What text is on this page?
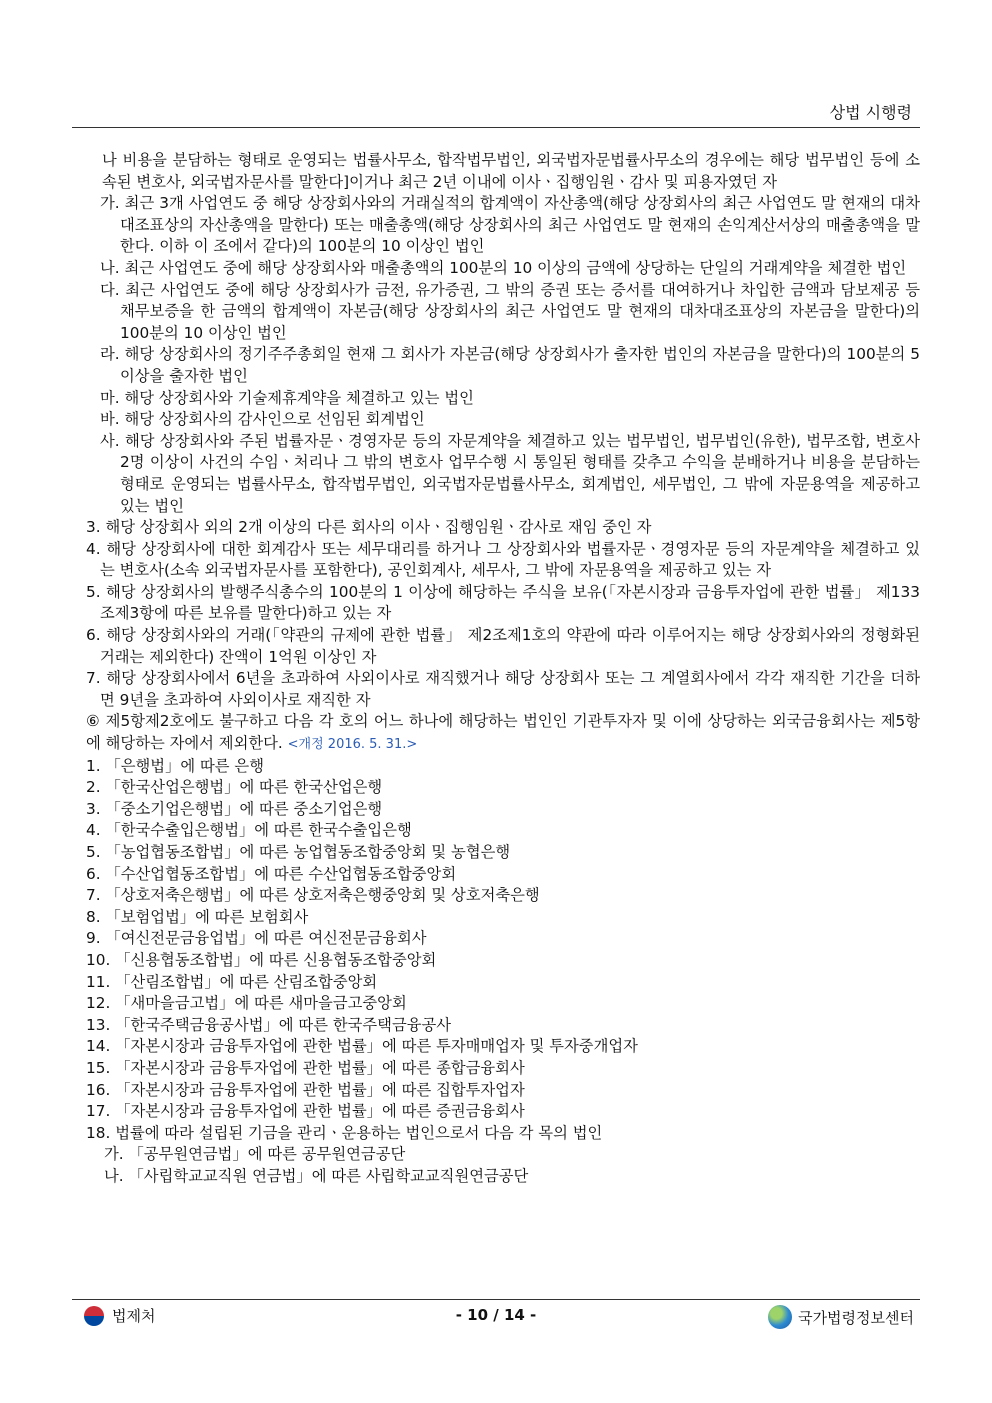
상법 시행령

나 비용을 분담하는 형태로 운영되는 법률사무소, 합작법무법인, 외국법자문법률사무소의 경우에는 해당 법무법인 등에 소속된 변호사, 외국법자문사를 말한다]이거나 최근 2년 이내에 이사ㆍ집행임원ㆍ감사 및 피용자였던 자

가. 최근 3개 사업연도 중 해당 상장회사와의 거래실적의 합계액이 자산총액(해당 상장회사의 최근 사업연도 말 현재의 대차대조표상의 자산총액을 말한다) 또는 매출총액(해당 상장회사의 최근 사업연도 말 현재의 손익계산서상의 매출총액을 말한다. 이하 이 조에서 같다)의 100분의 10 이상인 법인

나. 최근 사업연도 중에 해당 상장회사와 매출총액의 100분의 10 이상의 금액에 상당하는 단일의 거래계약을 체결한 법인

다. 최근 사업연도 중에 해당 상장회사가 금전, 유가증권, 그 밖의 증권 또는 증서를 대여하거나 차입한 금액과 담보제공 등 채무보증을 한 금액의 합계액이 자본금(해당 상장회사의 최근 사업연도 말 현재의 대차대조표상의 자본금을 말한다)의 100분의 10 이상인 법인

라. 해당 상장회사의 정기주주총회일 현재 그 회사가 자본금(해당 상장회사가 출자한 법인의 자본금을 말한다)의 100분의 5 이상을 출자한 법인

마. 해당 상장회사와 기술제휴계약을 체결하고 있는 법인

바. 해당 상장회사의 감사인으로 선임된 회계법인

사. 해당 상장회사와 주된 법률자문ㆍ경영자문 등의 자문계약을 체결하고 있는 법무법인, 법무법인(유한), 법무조합, 변호사 2명 이상이 사건의 수임ㆍ처리나 그 밖의 변호사 업무수행 시 통일된 형태를 갖추고 수익을 분배하거나 비용을 분담하는 형태로 운영되는 법률사무소, 합작법무법인, 외국법자문법률사무소, 회계법인, 세무법인, 그 밖에 자문용역을 제공하고 있는 법인

3. 해당 상장회사 외의 2개 이상의 다른 회사의 이사ㆍ집행임원ㆍ감사로 재임 중인 자

4. 해당 상장회사에 대한 회계감사 또는 세무대리를 하거나 그 상장회사와 법률자문ㆍ경영자문 등의 자문계약을 체결하고 있는 변호사(소속 외국법자문사를 포함한다), 공인회계사, 세무사, 그 밖에 자문용역을 제공하고 있는 자

5. 해당 상장회사의 발행주식총수의 100분의 1 이상에 해당하는 주식을 보유(「자본시장과 금융투자업에 관한 법률」 제133조제3항에 따른 보유를 말한다)하고 있는 자

6. 해당 상장회사와의 거래(「약관의 규제에 관한 법률」 제2조제1호의 약관에 따라 이루어지는 해당 상장회사와의 정형화된 거래는 제외한다) 잔액이 1억원 이상인 자

7. 해당 상장회사에서 6년을 초과하여 사외이사로 재직했거나 해당 상장회사 또는 그 계열회사에서 각각 재직한 기간을 더하면 9년을 초과하여 사외이사로 재직한 자

⑥ 제5항제2호에도 불구하고 다음 각 호의 어느 하나에 해당하는 법인인 기관투자자 및 이에 상당하는 외국금융회사는 제5항에 해당하는 자에서 제외한다. <개정 2016. 5. 31.>

1. 「은행법」에 따른 은행

2. 「한국산업은행법」에 따른 한국산업은행

3. 「중소기업은행법」에 따른 중소기업은행

4. 「한국수출입은행법」에 따른 한국수출입은행

5. 「농업협동조합법」에 따른 농업협동조합중앙회 및 농협은행

6. 「수산업협동조합법」에 따른 수산업협동조합중앙회

7. 「상호저축은행법」에 따른 상호저축은행중앙회 및 상호저축은행

8. 「보험업법」에 따른 보험회사

9. 「여신전문금융업법」에 따른 여신전문금융회사

10. 「신용협동조합법」에 따른 신용협동조합중앙회

11. 「산림조합법」에 따른 산림조합중앙회

12. 「새마을금고법」에 따른 새마을금고중앙회

13. 「한국주택금융공사법」에 따른 한국주택금융공사

14. 「자본시장과 금융투자업에 관한 법률」에 따른 투자매매업자 및 투자중개업자

15. 「자본시장과 금융투자업에 관한 법률」에 따른 종합금융회사

16. 「자본시장과 금융투자업에 관한 법률」에 따른 집합투자업자

17. 「자본시장과 금융투자업에 관한 법률」에 따른 증권금융회사

18. 법률에 따라 설립된 기금을 관리ㆍ운용하는 법인으로서 다음 각 목의 법인

가. 「공무원연금법」에 따른 공무원연금공단

나. 「사립학교교직원 연금법」에 따른 사립학교교직원연금공단

법제처	- 10 / 14 -	국가법령정보센터
